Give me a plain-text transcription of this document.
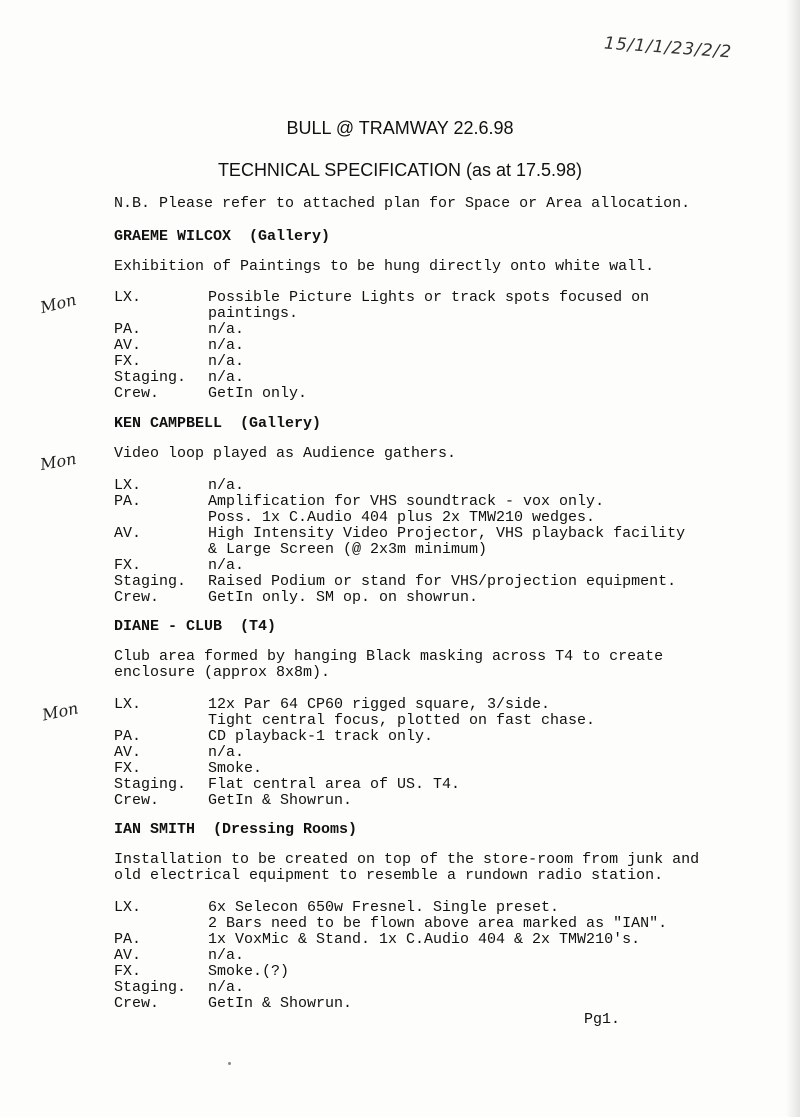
15/1/1/23/2/2
BULL @ TRAMWAY 22.6.98
TECHNICAL SPECIFICATION (as at 17.5.98)
N.B. Please refer to attached plan for Space or Area allocation.
Mon
Mon
Mon
GRAEME WILCOX  (Gallery)
Exhibition of Paintings to be hung directly onto white wall.
LX.	Possible Picture Lights or track spots focused on
paintings.
PA.	n/a.
AV.	n/a.
FX.	n/a.
Staging. n/a.
Crew.	GetIn only.
KEN CAMPBELL  (Gallery)
Video loop played as Audience gathers.
LX.	n/a.
PA.	Amplification for VHS soundtrack - vox only.
Poss. 1x C.Audio 404 plus 2x TMW210 wedges.
AV.	High Intensity Video Projector, VHS playback facility
& Large Screen (@ 2x3m minimum)
FX.	n/a.
Staging. Raised Podium or stand for VHS/projection equipment.
Crew.	GetIn only. SM op. on showrun.
DIANE - CLUB  (T4)
Club area formed by hanging Black masking across T4 to create
enclosure (approx 8x8m).
LX.	12x Par 64 CP60 rigged square, 3/side.
Tight central focus, plotted on fast chase.
PA.	CD playback-1 track only.
AV.	n/a.
FX.	Smoke.
Staging. Flat central area of US. T4.
Crew.	GetIn & Showrun.
IAN SMITH  (Dressing Rooms)
Installation to be created on top of the store-room from junk and
old electrical equipment to resemble a rundown radio station.
LX.	6x Selecon 650w Fresnel. Single preset.
2 Bars need to be flown above area marked as "IAN".
PA.	1x VoxMic & Stand. 1x C.Audio 404 & 2x TMW210's.
AV.	n/a.
FX.	Smoke.(?)
Staging. n/a.
Crew.	GetIn & Showrun.
Pg1.
